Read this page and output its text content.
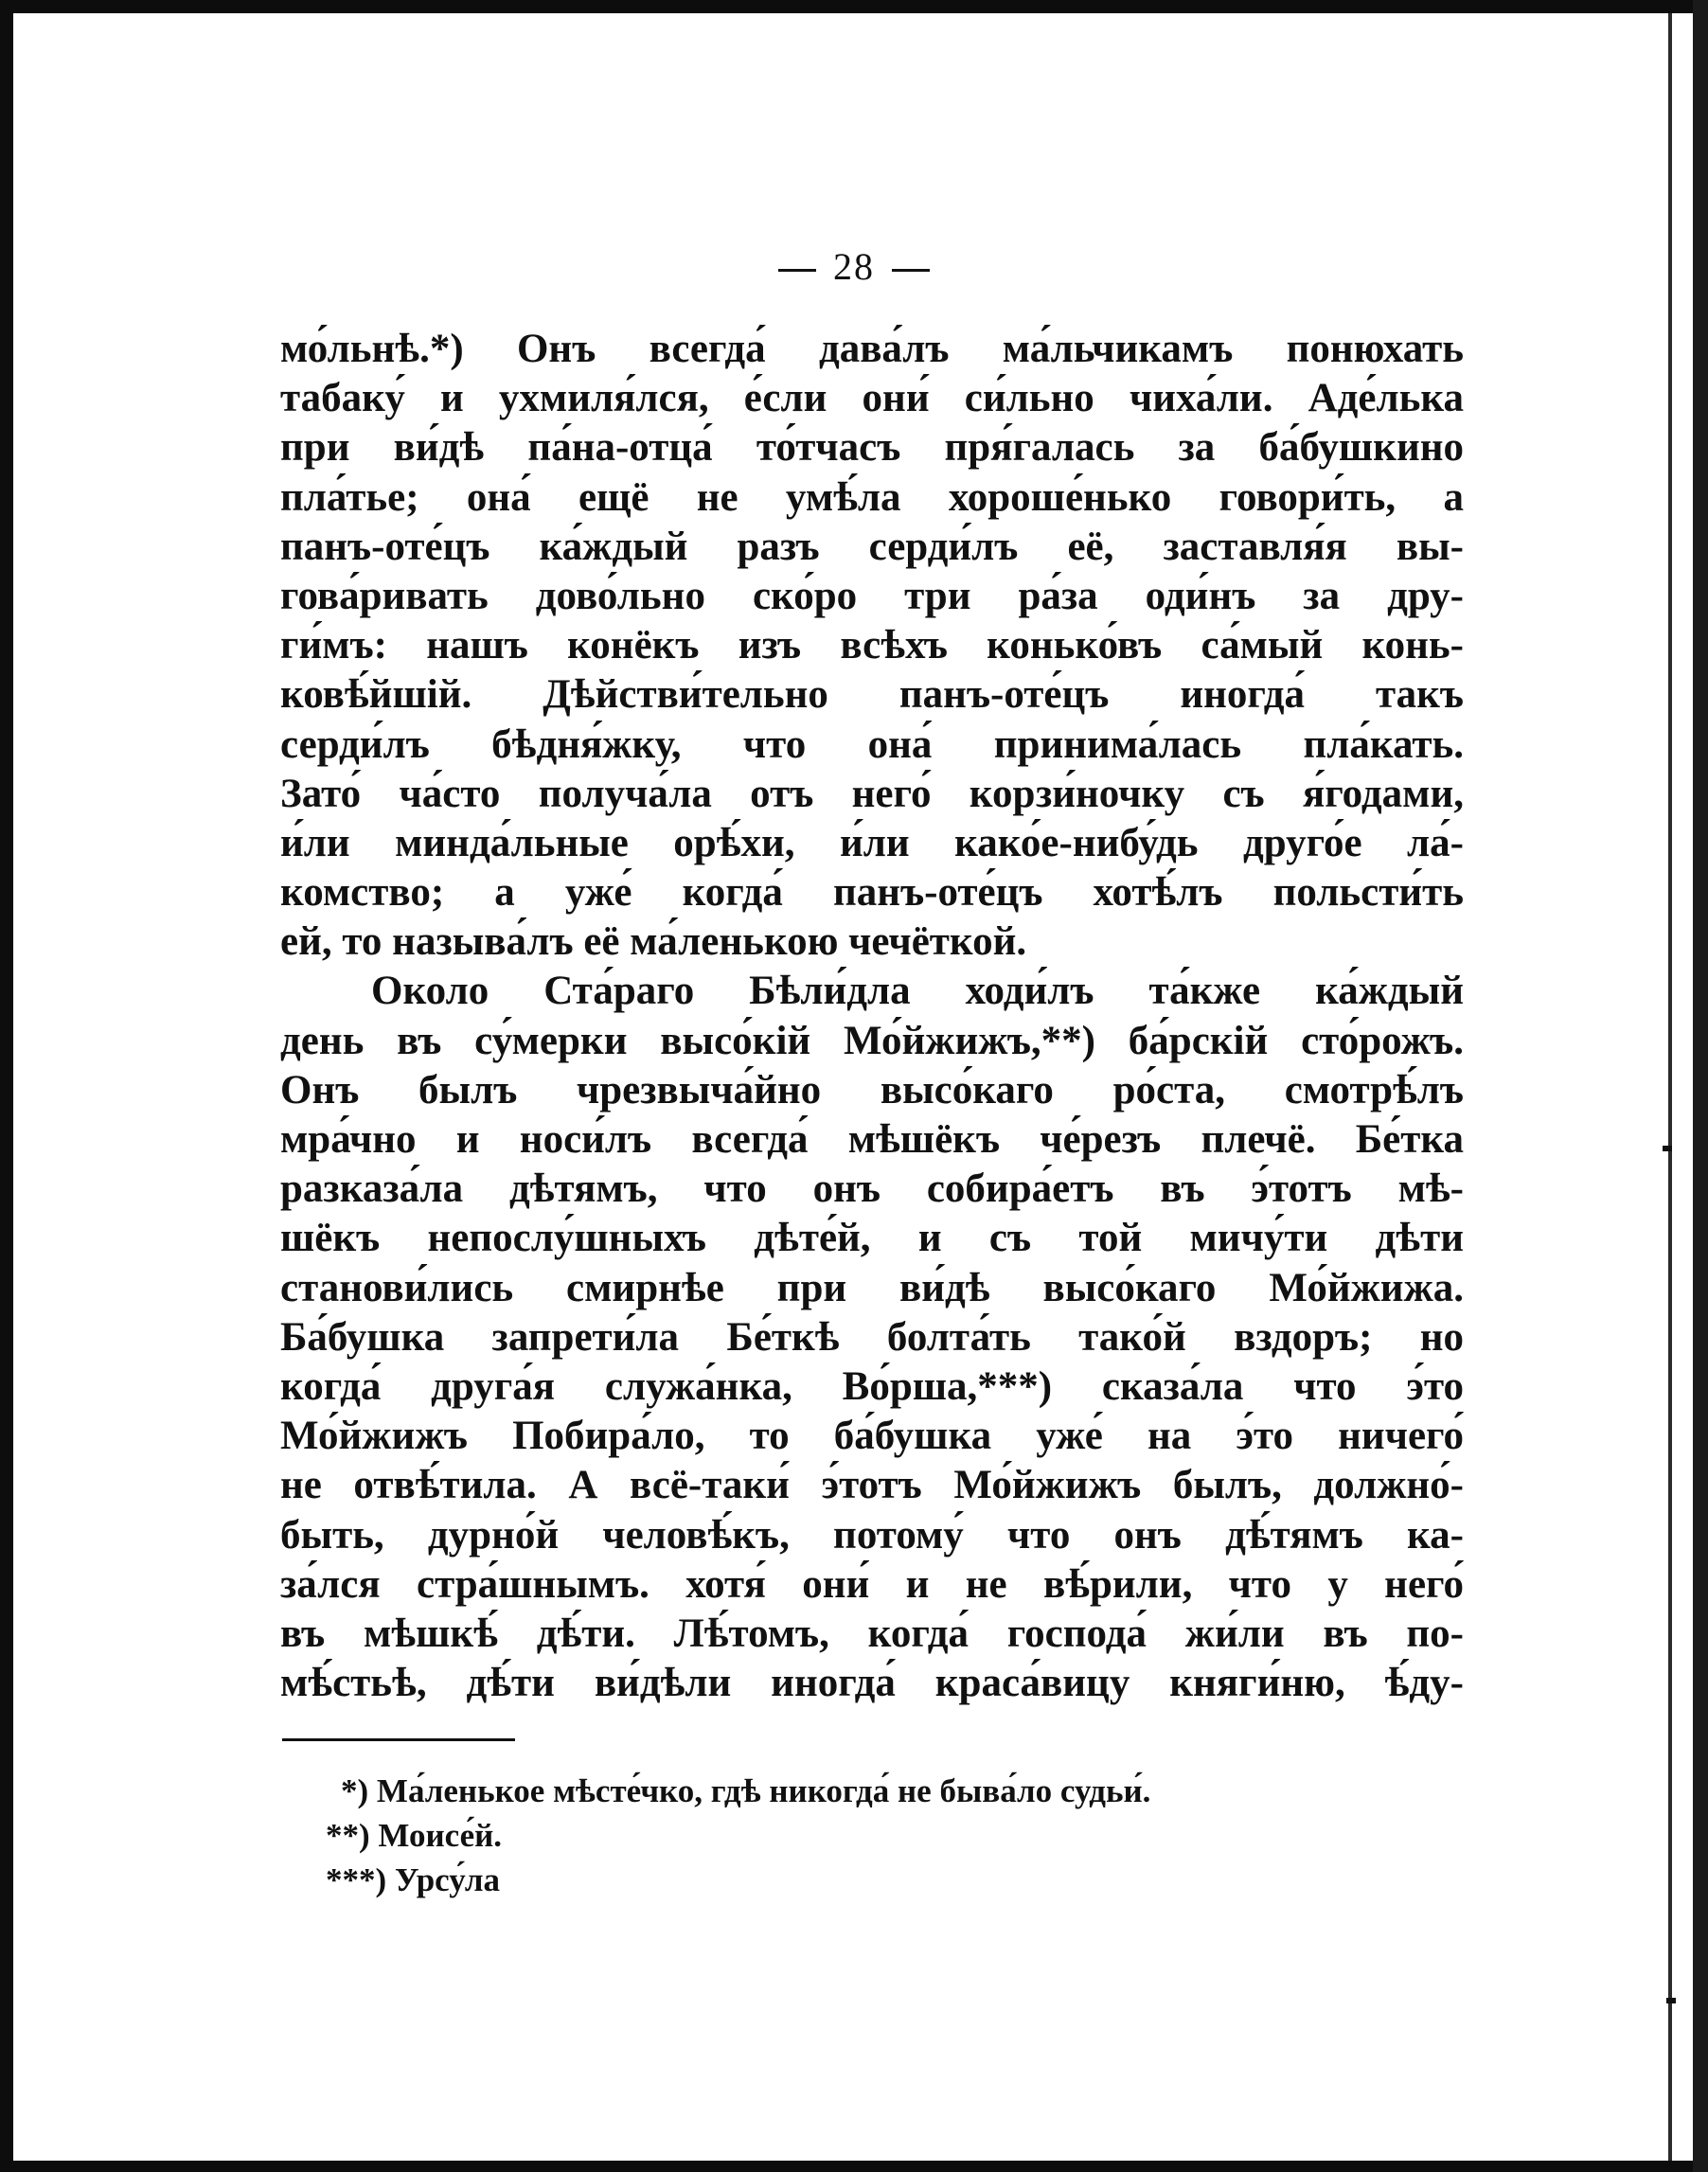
28
мо́льнѣ.*) Онъ всегда́ дава́лъ ма́льчикамъ понюхать
табаку́ и ухмиля́лся, е́сли они́ си́льно чиха́ли. Аде́лька
при ви́дѣ па́на-отца́ то́тчасъ пря́галась за ба́бушкино
пла́тье; она́ ещё не умѣ́ла хороше́нько говори́ть, а
панъ-оте́цъ ка́ждый разъ серди́лъ её, заставля́я вы-
гова́ривать дово́льно ско́ро три ра́за оди́нъ за дру-
ги́мъ: нашъ конёкъ изъ всѣхъ конько́въ са́мый конь-
ковѣ́йшій. Дѣйстви́тельно панъ-оте́цъ иногда́ такъ
серди́лъ бѣдня́жку, что она́ принима́лась пла́кать.
Зато́ ча́сто получа́ла отъ него́ корзи́ночку съ я́годами,
и́ли минда́льные орѣ́хи, и́ли како́е-нибу́дь друго́е ла́-
комство; а уже́ когда́ панъ-оте́цъ хотѣ́лъ польсти́ть
ей, то называ́лъ её ма́ленькою чечёткой.
Около Ста́раго Бѣли́дла ходи́лъ та́кже ка́ждый
день въ су́мерки высо́кій Мо́йжижъ,**) ба́рскій сто́рожъ.
Онъ былъ чрезвыча́йно высо́каго ро́ста, смотрѣ́лъ
мра́чно и носи́лъ всегда́ мѣшёкъ че́резъ плечё. Бе́тка
разказа́ла дѣтямъ, что онъ собира́етъ въ э́тотъ мѣ-
шёкъ непослу́шныхъ дѣте́й, и съ той мичу́ти дѣти
станови́лись смирнѣе при ви́дѣ высо́каго Мо́йжижа.
Ба́бушка запрети́ла Бе́ткѣ болта́ть тако́й вздоръ; но
когда́ друга́я служа́нка, Во́рша,***) сказа́ла что э́то
Мо́йжижъ Побира́ло, то ба́бушка уже́ на э́то ничего́
не отвѣ́тила. А всё-таки́ э́тотъ Мо́йжижъ былъ, должно́-
быть, дурно́й человѣ́къ, потому́ что онъ дѣ́тямъ ка-
за́лся стра́шнымъ. хотя́ они́ и не вѣ́рили, что у него́
въ мѣшкѣ́ дѣ́ти. Лѣ́томъ, когда́ господа́ жи́ли въ по-
мѣ́стьѣ, дѣ́ти ви́дѣли иногда́ краса́вицу княги́ню, ѣ́ду-
*) Ма́ленькое мѣсте́чко, гдѣ никогда́ не быва́ло судьи́.
**) Моисе́й.
***) Урсу́ла
